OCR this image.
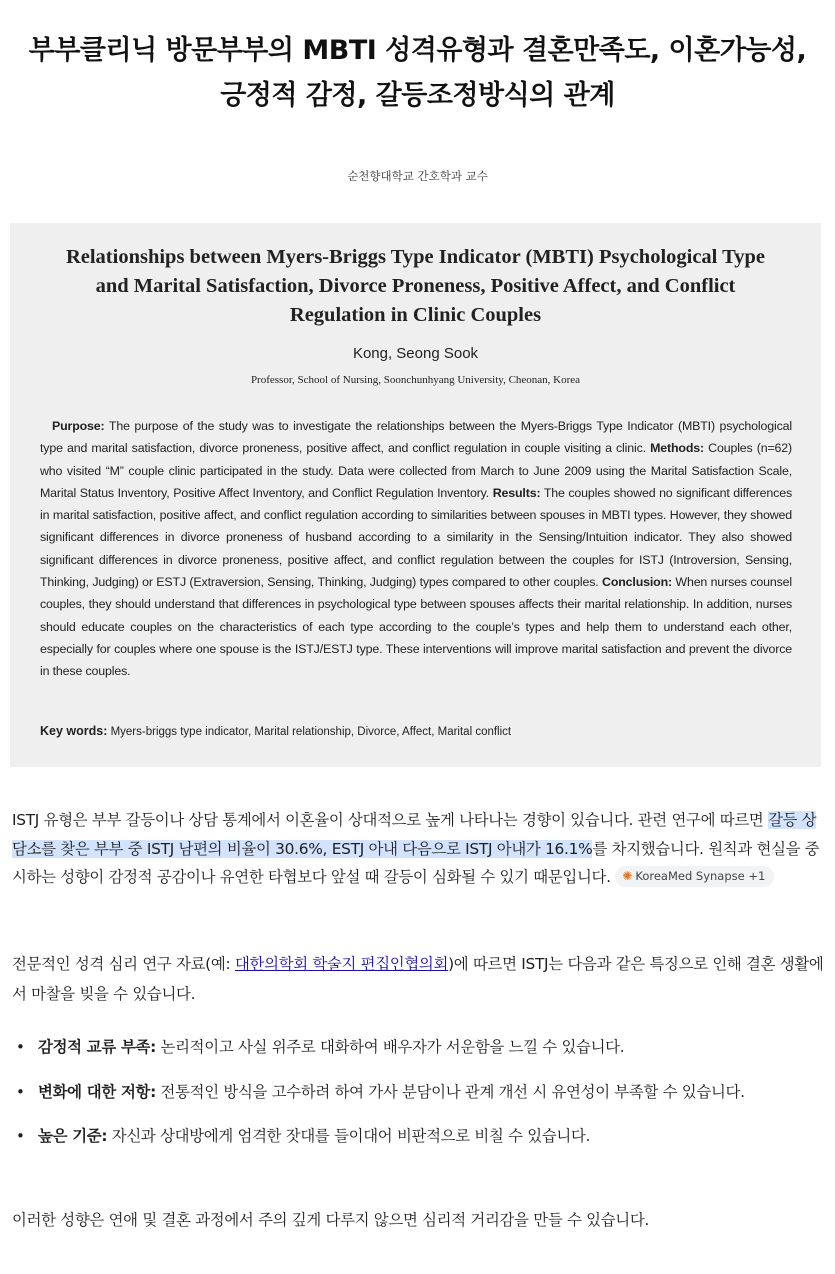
부부클리닉 방문부부의 MBTI 성격유형과 결혼만족도, 이혼가능성,
긍정적 감정, 갈등조정방식의 관계
순천향대학교 간호학과 교수
Relationships between Myers-Briggs Type Indicator (MBTI) Psychological Type
and Marital Satisfaction, Divorce Proneness, Positive Affect, and Conflict
Regulation in Clinic Couples
Kong, Seong Sook
Professor, School of Nursing, Soonchunhyang University, Cheonan, Korea
Purpose: The purpose of the study was to investigate the relationships between the Myers-Briggs Type Indicator (MBTI) psychological type and marital satisfaction, divorce proneness, positive affect, and conflict regulation in couple visiting a clinic. Methods: Couples (n=62) who visited “M” couple clinic participated in the study. Data were collected from March to June 2009 using the Marital Satisfaction Scale, Marital Status Inventory, Positive Affect Inventory, and Conflict Regulation Inventory. Results: The couples showed no significant differences in marital satisfaction, positive affect, and conflict regulation according to similarities between spouses in MBTI types. However, they showed significant differences in divorce proneness of husband according to a similarity in the Sensing/Intuition indicator. They also showed significant differences in divorce proneness, positive affect, and conflict regulation between the couples for ISTJ (Introversion, Sensing, Thinking, Judging) or ESTJ (Extraversion, Sensing, Thinking, Judging) types compared to other couples. Conclusion: When nurses counsel couples, they should understand that differences in psychological type between spouses affects their marital relationship. In addition, nurses should educate couples on the characteristics of each type according to the couple’s types and help them to understand each other, especially for couples where one spouse is the ISTJ/ESTJ type. These interventions will improve marital satisfaction and prevent the divorce in these couples.
Key words: Myers-briggs type indicator, Marital relationship, Divorce, Affect, Marital conflict
ISTJ 유형은 부부 갈등이나 상담 통계에서 이혼율이 상대적으로 높게 나타나는 경향이 있습니다. 관련 연구에 따르면 갈등 상담소를 찾은 부부 중 ISTJ 남편의 비율이 30.6%, ESTJ 아내 다음으로 ISTJ 아내가 16.1%를 차지했습니다. 원칙과 현실을 중시하는 성향이 감정적 공감이나 유연한 타협보다 앞설 때 갈등이 심화될 수 있기 때문입니다. ✺ KoreaMed Synapse +1
전문적인 성격 심리 연구 자료(예: 대한의학회 학술지 편집인협의회)에 따르면 ISTJ는 다음과 같은 특징으로 인해 결혼 생활에서 마찰을 빚을 수 있습니다.
• 감정적 교류 부족: 논리적이고 사실 위주로 대화하여 배우자가 서운함을 느낄 수 있습니다.
• 변화에 대한 저항: 전통적인 방식을 고수하려 하여 가사 분담이나 관계 개선 시 유연성이 부족할 수 있습니다.
• 높은 기준: 자신과 상대방에게 엄격한 잣대를 들이대어 비판적으로 비칠 수 있습니다.
이러한 성향은 연애 및 결혼 과정에서 주의 깊게 다루지 않으면 심리적 거리감을 만들 수 있습니다.
